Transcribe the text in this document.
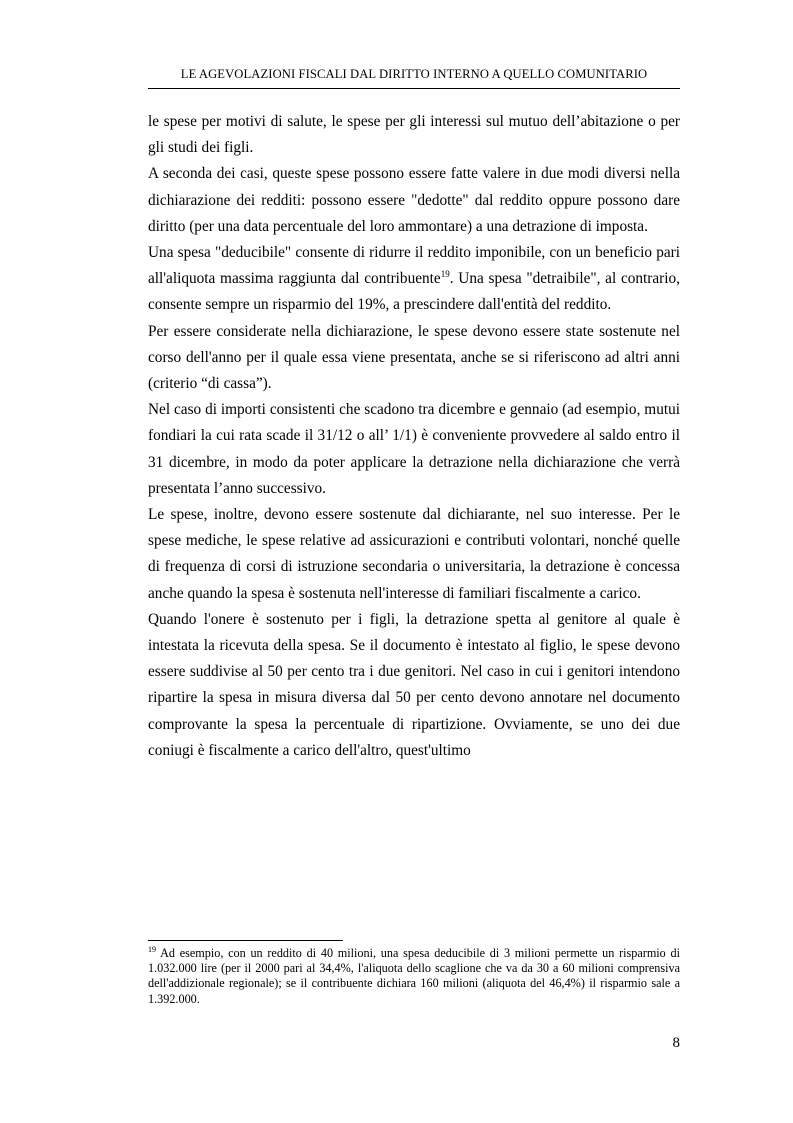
LE AGEVOLAZIONI FISCALI DAL DIRITTO INTERNO A QUELLO COMUNITARIO

le spese per motivi di salute, le spese per gli interessi sul mutuo dell’abitazione o per gli studi dei figli.

A seconda dei casi, queste spese possono essere fatte valere in due modi diversi nella dichiarazione dei redditi: possono essere "dedotte" dal reddito oppure possono dare diritto (per una data percentuale del loro ammontare) a una detrazione di imposta.

Una spesa "deducibile" consente di ridurre il reddito imponibile, con un beneficio pari all'aliquota massima raggiunta dal contribuente$^{19}$. Una spesa "detraibile", al contrario, consente sempre un risparmio del 19%, a prescindere dall'entità del reddito.

Per essere considerate nella dichiarazione, le spese devono essere state sostenute nel corso dell'anno per il quale essa viene presentata, anche se si riferiscono ad altri anni (criterio “di cassa”).

Nel caso di importi consistenti che scadono tra dicembre e gennaio (ad esempio, mutui fondiari la cui rata scade il 31/12 o all’ 1/1) è conveniente provvedere al saldo entro il 31 dicembre, in modo da poter applicare la detrazione nella dichiarazione che verrà presentata l’anno successivo.

Le spese, inoltre, devono essere sostenute dal dichiarante, nel suo interesse. Per le spese mediche, le spese relative ad assicurazioni e contributi volontari, nonché quelle di frequenza di corsi di istruzione secondaria o universitaria, la detrazione è concessa anche quando la spesa è sostenuta nell'interesse di familiari fiscalmente a carico.

Quando l'onere è sostenuto per i figli, la detrazione spetta al genitore al quale è intestata la ricevuta della spesa. Se il documento è intestato al figlio, le spese devono essere suddivise al 50 per cento tra i due genitori. Nel caso in cui i genitori intendono ripartire la spesa in misura diversa dal 50 per cento devono annotare nel documento comprovante la spesa la percentuale di ripartizione. Ovviamente, se uno dei due coniugi è fiscalmente a carico dell'altro, quest'ultimo

$^{19}$ Ad esempio, con un reddito di 40 milioni, una spesa deducibile di 3 milioni permette un risparmio di 1.032.000 lire (per il 2000 pari al 34,4%, l'aliquota dello scaglione che va da 30 a 60 milioni comprensiva dell'addizionale regionale); se il contribuente dichiara 160 milioni (aliquota del 46,4%) il risparmio sale a 1.392.000.
8
